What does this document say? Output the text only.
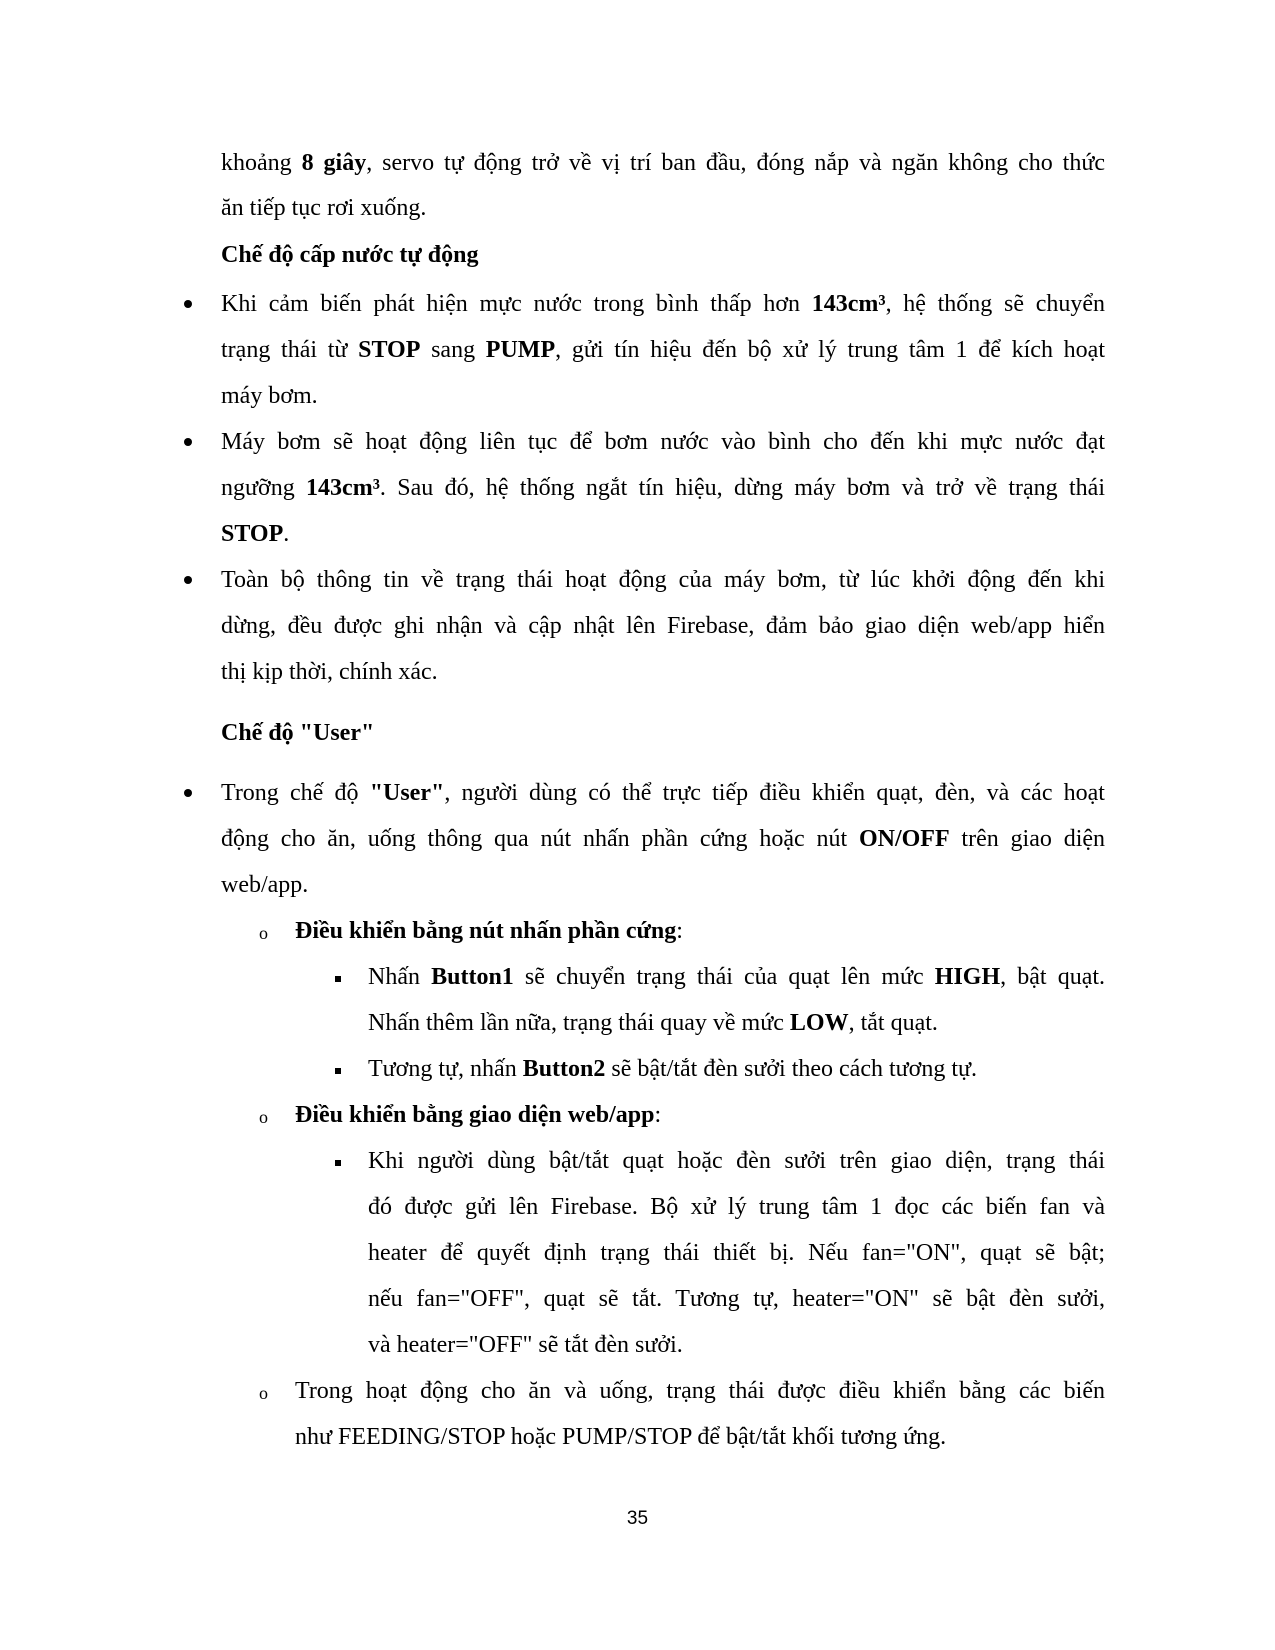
khoảng 8 giây, servo tự động trở về vị trí ban đầu, đóng nắp và ngăn không cho thức
ăn tiếp tục rơi xuống.
Chế độ cấp nước tự động
Khi cảm biến phát hiện mực nước trong bình thấp hơn 143cm³, hệ thống sẽ chuyển
trạng thái từ STOP sang PUMP, gửi tín hiệu đến bộ xử lý trung tâm 1 để kích hoạt
máy bơm.
Máy bơm sẽ hoạt động liên tục để bơm nước vào bình cho đến khi mực nước đạt
ngưỡng 143cm³. Sau đó, hệ thống ngắt tín hiệu, dừng máy bơm và trở về trạng thái
STOP.
Toàn bộ thông tin về trạng thái hoạt động của máy bơm, từ lúc khởi động đến khi
dừng, đều được ghi nhận và cập nhật lên Firebase, đảm bảo giao diện web/app hiển
thị kịp thời, chính xác.
Chế độ "User"
Trong chế độ "User", người dùng có thể trực tiếp điều khiển quạt, đèn, và các hoạt
động cho ăn, uống thông qua nút nhấn phần cứng hoặc nút ON/OFF trên giao diện
web/app.
o Điều khiển bằng nút nhấn phần cứng:
Nhấn Button1 sẽ chuyển trạng thái của quạt lên mức HIGH, bật quạt.
Nhấn thêm lần nữa, trạng thái quay về mức LOW, tắt quạt.
Tương tự, nhấn Button2 sẽ bật/tắt đèn sưởi theo cách tương tự.
o Điều khiển bằng giao diện web/app:
Khi người dùng bật/tắt quạt hoặc đèn sưởi trên giao diện, trạng thái
đó được gửi lên Firebase. Bộ xử lý trung tâm 1 đọc các biến fan và
heater để quyết định trạng thái thiết bị. Nếu fan="ON", quạt sẽ bật;
nếu fan="OFF", quạt sẽ tắt. Tương tự, heater="ON" sẽ bật đèn sưởi,
và heater="OFF" sẽ tắt đèn sưởi.
o Trong hoạt động cho ăn và uống, trạng thái được điều khiển bằng các biến
như FEEDING/STOP hoặc PUMP/STOP để bật/tắt khối tương ứng.
35
